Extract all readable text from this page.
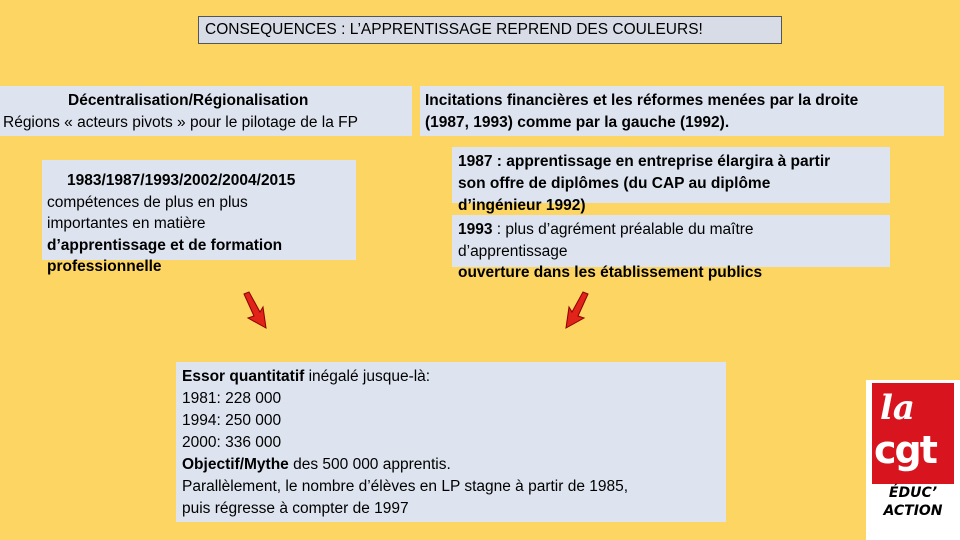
CONSEQUENCES : L’APPRENTISSAGE REPREND DES COULEURS!
Décentralisation/Régionalisation
Régions « acteurs pivots » pour le pilotage de la FP
Incitations financières et les réformes menées par la droite
(1987, 1993) comme par la gauche (1992).
1983/1987/1993/2002/2004/2015
compétences de plus en plus
importantes en matière
d’apprentissage et de formation
professionnelle
1987 : apprentissage en entreprise élargira à partir
son offre de diplômes (du CAP au diplôme
d’ingénieur 1992)
1993 : plus d’agrément préalable du maître
d’apprentissage
ouverture dans les établissement publics
Essor quantitatif inégalé jusque-là:
1981: 228 000
1994: 250 000
2000: 336 000
Objectif/Mythe des 500 000 apprentis.
Parallèlement, le nombre d’élèves en LP stagne à partir de 1985,
puis régresse à compter de 1997
la
cgt
ÉDUC’
ACTION
